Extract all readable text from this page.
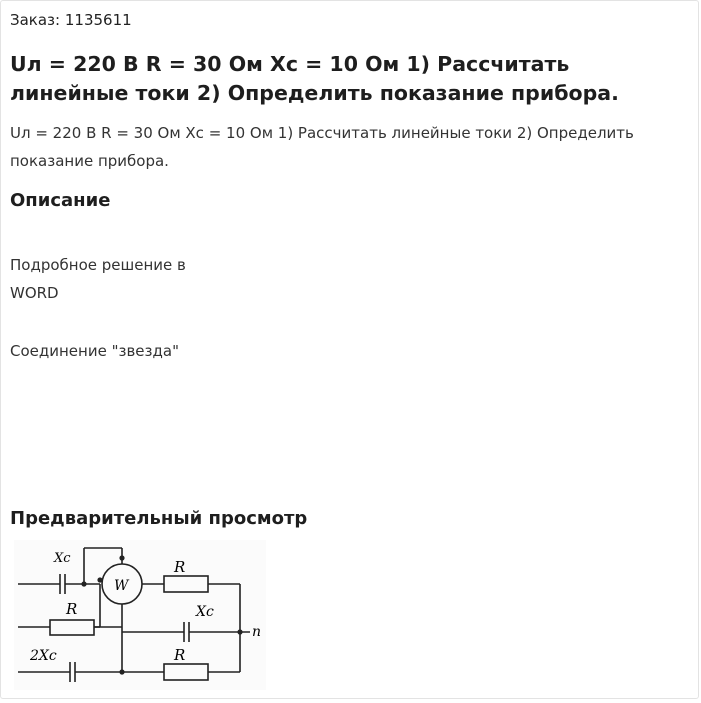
Заказ: 1135611
Uл = 220 В R = 30 Ом Xc = 10 Ом 1) Рассчитать линейные токи 2) Определить показание прибора.
Uл = 220 В R = 30 Ом Xc = 10 Ом 1) Рассчитать линейные токи 2) Определить показание прибора.
Описание
Подробное решение в
WORD
Соединение "звезда"
Предварительный просмотр
W
Xc	R
R	Xc
n
2Xc	R
